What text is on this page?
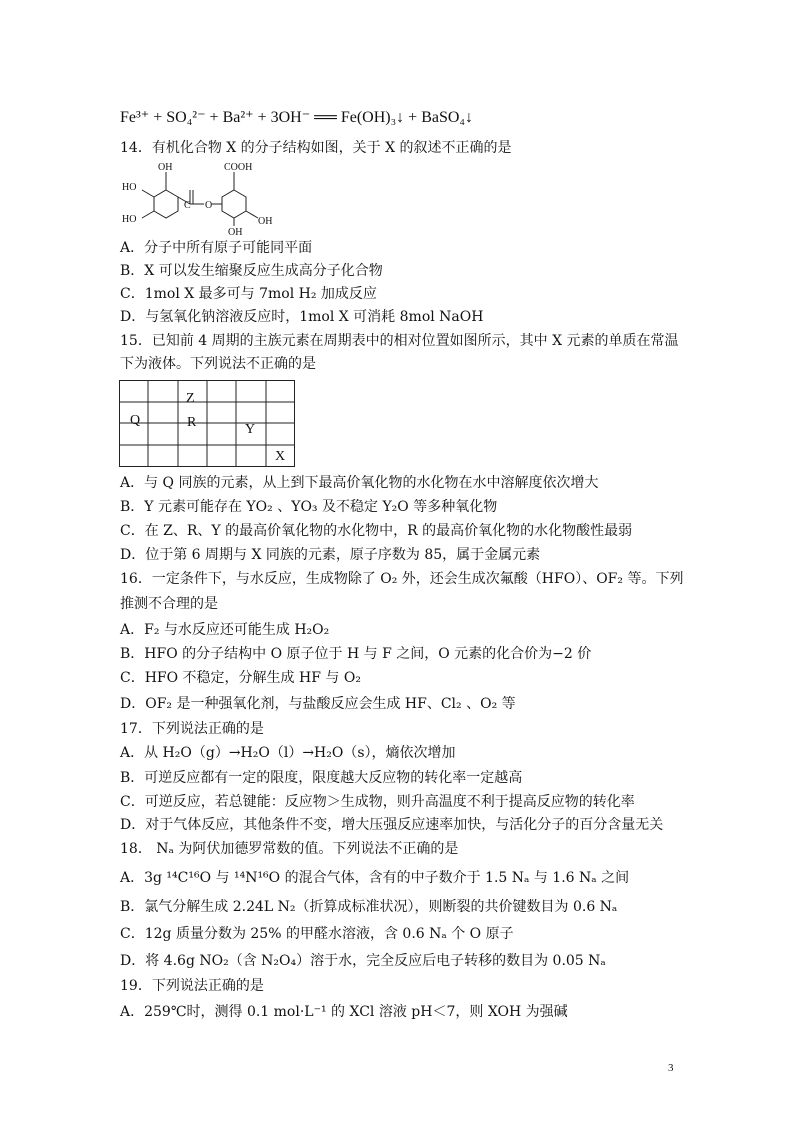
Fe³⁺ + SO₄²⁻ + Ba²⁺ + 3OH⁻ ══ Fe(OH)₃↓ + BaSO₄↓
14．有机化合物 X 的分子结构如图，关于 X 的叙述不正确的是
OH
HO
HO
C O
COOH
OH
OH
A．分子中所有原子可能同平面
B．X 可以发生缩聚反应生成高分子化合物
C．1mol X 最多可与 7mol H₂ 加成反应
D．与氢氧化钠溶液反应时，1mol X 可消耗 8mol NaOH
15．已知前 4 周期的主族元素在周期表中的相对位置如图所示，其中 X 元素的单质在常温
下为液体。下列说法不正确的是
Z
Q	R	Y
X
A．与 Q 同族的元素，从上到下最高价氧化物的水化物在水中溶解度依次增大
B．Y 元素可能存在 YO₂ 、YO₃ 及不稳定 Y₂O 等多种氧化物
C．在 Z、R、Y 的最高价氧化物的水化物中，R 的最高价氧化物的水化物酸性最弱
D．位于第 6 周期与 X 同族的元素，原子序数为 85，属于金属元素
16．一定条件下，与水反应，生成物除了 O₂ 外，还会生成次氟酸（HFO）、OF₂ 等。下列
推测不合理的是
A．F₂ 与水反应还可能生成 H₂O₂
B．HFO 的分子结构中 O 原子位于 H 与 F 之间，O 元素的化合价为−2 价
C．HFO 不稳定，分解生成 HF 与 O₂
D．OF₂ 是一种强氧化剂，与盐酸反应会生成 HF、Cl₂ 、O₂ 等
17．下列说法正确的是
A．从 H₂O（g）→H₂O（l）→H₂O（s），熵依次增加
B．可逆反应都有一定的限度，限度越大反应物的转化率一定越高
C．可逆反应，若总键能：反应物＞生成物，则升高温度不利于提高反应物的转化率
D．对于气体反应，其他条件不变，增大压强反应速率加快，与活化分子的百分含量无关
18． Nₐ 为阿伏加德罗常数的值。下列说法不正确的是
A．3g ¹⁴C¹⁶O 与 ¹⁴N¹⁶O 的混合气体，含有的中子数介于 1.5 Nₐ 与 1.6 Nₐ 之间
B．氯气分解生成 2.24L N₂（折算成标准状况），则断裂的共价键数目为 0.6 Nₐ
C．12g 质量分数为 25% 的甲醛水溶液，含 0.6 Nₐ 个 O 原子
D．将 4.6g NO₂（含 N₂O₄）溶于水，完全反应后电子转移的数目为 0.05 Nₐ
19．下列说法正确的是
A．259℃时，测得 0.1 mol·L⁻¹ 的 XCl 溶液 pH＜7，则 XOH 为强碱
3
